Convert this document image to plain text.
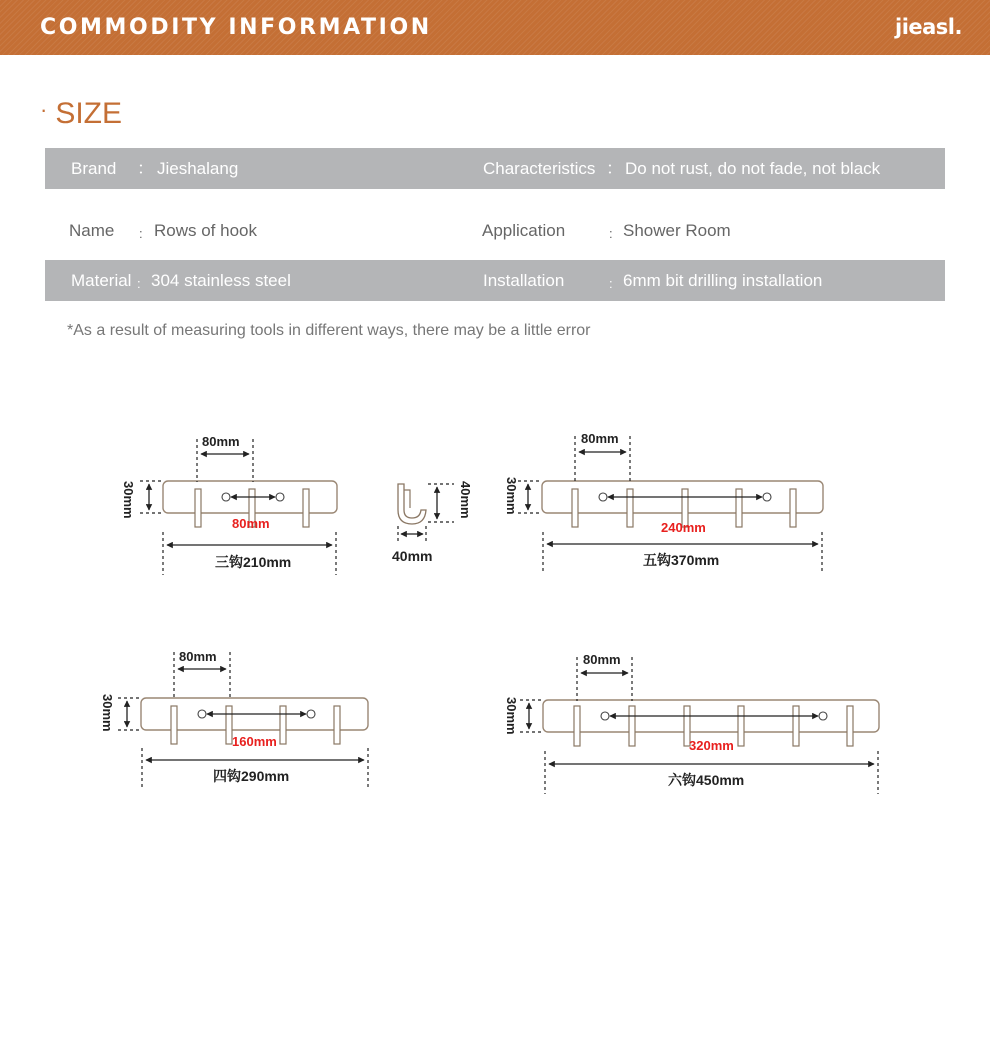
COMMODITY INFORMATION	jieasl.
· SIZE
Brand ： Jieshalang	Characteristics ： Do not rust, do not fade, not black
Name : Rows of hook	Application	: Shower Room
Material : 304 stainless steel	Installation	: 6mm bit drilling installation
*As a result of measuring tools in different ways, there may be a little error
80mm
30mm
80mm
三钩210mm
40mm
40mm
80mm
30mm
240mm
五钩370mm
80mm
30mm
160mm
四钩290mm
80mm
30mm
320mm
六钩450mm
